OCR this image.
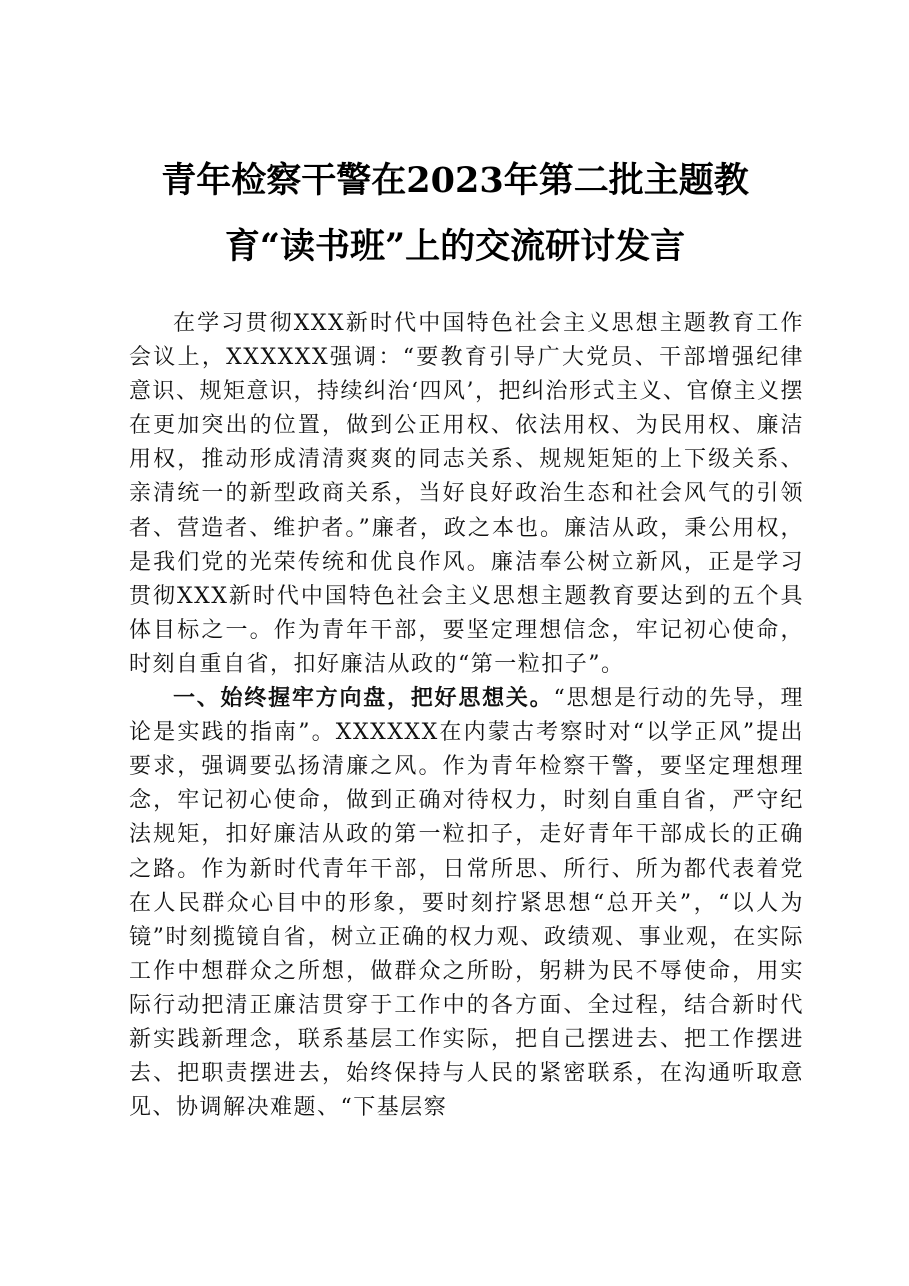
青年检察干警在2023年第二批主题教育“读书班”上的交流研讨发言

在学习贯彻XXX新时代中国特色社会主义思想主题教育工作会议上，XXXXXX强调：“要教育引导广大党员、干部增强纪律意识、规矩意识，持续纠治‘四风’，把纠治形式主义、官僚主义摆在更加突出的位置，做到公正用权、依法用权、为民用权、廉洁用权，推动形成清清爽爽的同志关系、规规矩矩的上下级关系、亲清统一的新型政商关系，当好良好政治生态和社会风气的引领者、营造者、维护者。”廉者，政之本也。廉洁从政，秉公用权，是我们党的光荣传统和优良作风。廉洁奉公树立新风，正是学习贯彻XXX新时代中国特色社会主义思想主题教育要达到的五个具体目标之一。作为青年干部，要坚定理想信念，牢记初心使命，时刻自重自省，扣好廉洁从政的“第一粒扣子”。

一、始终握牢方向盘，把好思想关。“思想是行动的先导，理论是实践的指南”。XXXXXX在内蒙古考察时对“以学正风”提出要求，强调要弘扬清廉之风。作为青年检察干警，要坚定理想理念，牢记初心使命，做到正确对待权力，时刻自重自省，严守纪法规矩，扣好廉洁从政的第一粒扣子，走好青年干部成长的正确之路。作为新时代青年干部，日常所思、所行、所为都代表着党在人民群众心目中的形象，要时刻拧紧思想“总开关”，“以人为镜”时刻揽镜自省，树立正确的权力观、政绩观、事业观，在实际工作中想群众之所想，做群众之所盼，躬耕为民不辱使命，用实际行动把清正廉洁贯穿于工作中的各方面、全过程，结合新时代新实践新理念，联系基层工作实际，把自己摆进去、把工作摆进去、把职责摆进去，始终保持与人民的紧密联系，在沟通听取意见、协调解决难题、“下基层察
